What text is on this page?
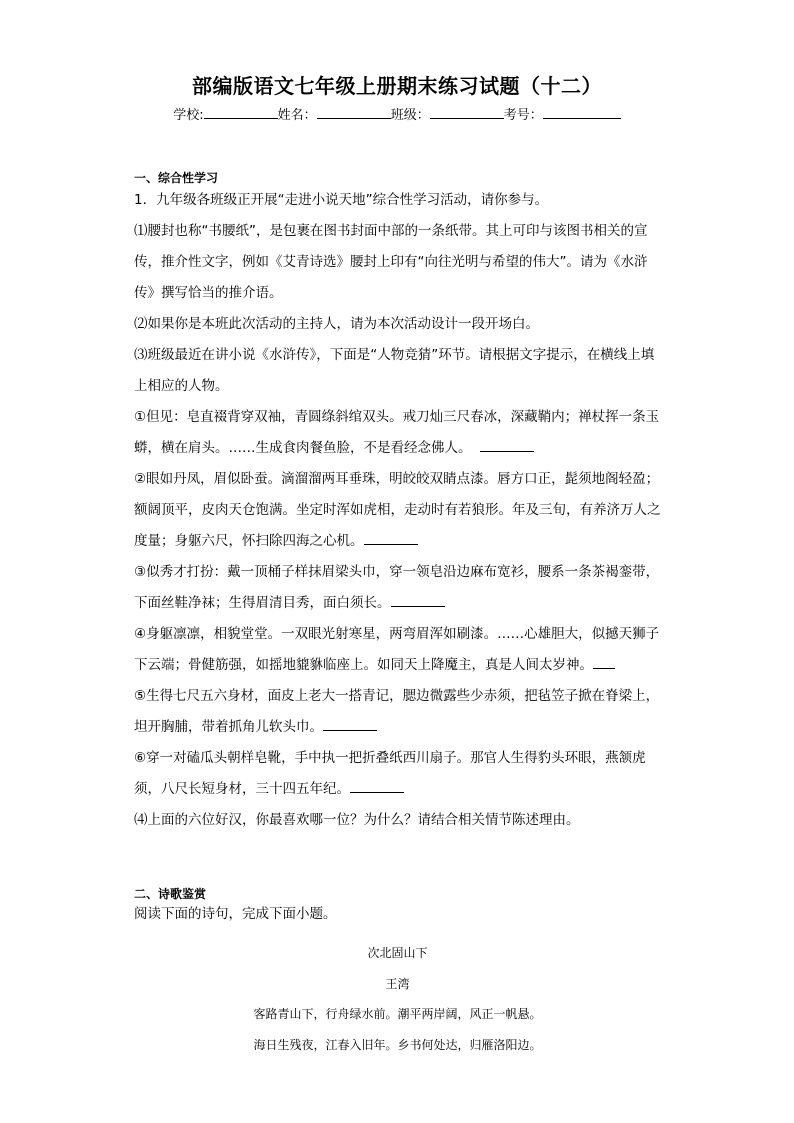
部编版语文七年级上册期末练习试题（十二）
学校:	姓名：	班级：	考号：
一、综合性学习

1．九年级各班级正开展“走进小说天地”综合性学习活动，请你参与。

⑴腰封也称“书腰纸”，是包裹在图书封面中部的一条纸带。其上可印与该图书相关的宣传，推介性文字，例如《艾青诗选》腰封上印有“向往光明与希望的伟大”。请为《水浒传》撰写恰当的推介语。

⑵如果你是本班此次活动的主持人，请为本次活动设计一段开场白。

⑶班级最近在讲小说《水浒传》，下面是“人物竞猜”环节。请根据文字提示，在横线上填上相应的人物。

①但见：皂直裰背穿双袖，青圆绦斜绾双头。戒刀灿三尺春冰，深藏鞘内；禅杖挥一条玉蟒，横在肩头。……生成食肉餐鱼脸，不是看经念佛人。

②眼如丹凤，眉似卧蚕。滴溜溜两耳垂珠，明皎皎双睛点漆。唇方口正，髭须地阁轻盈；额阔顶平，皮肉天仓饱满。坐定时浑如虎相，走动时有若狼形。年及三旬，有养济万人之度量；身躯六尺，怀扫除四海之心机。

③似秀才打扮：戴一顶桶子样抹眉梁头巾，穿一领皂沿边麻布宽衫，腰系一条茶褐銮带，下面丝鞋净袜；生得眉清目秀，面白须长。

④身躯凛凛，相貌堂堂。一双眼光射寒星，两弯眉浑如刷漆。……心雄胆大，似撼天狮子下云端；骨健筋强，如摇地貔貅临座上。如同天上降魔主，真是人间太岁神。

⑤生得七尺五六身材，面皮上老大一搭青记，腮边微露些少赤须，把毡笠子掀在脊梁上，坦开胸脯，带着抓角儿软头巾。

⑥穿一对磕瓜头朝样皂靴，手中执一把折叠纸西川扇子。那官人生得豹头环眼，燕颔虎须，八尺长短身材，三十四五年纪。

⑷上面的六位好汉，你最喜欢哪一位？为什么？请结合相关情节陈述理由。

二、诗歌鉴赏
阅读下面的诗句，完成下面小题。
次北固山下
王湾
客路青山下，行舟绿水前。潮平两岸阔，风正一帆悬。
海日生残夜，江春入旧年。乡书何处达，归雁洛阳边。
